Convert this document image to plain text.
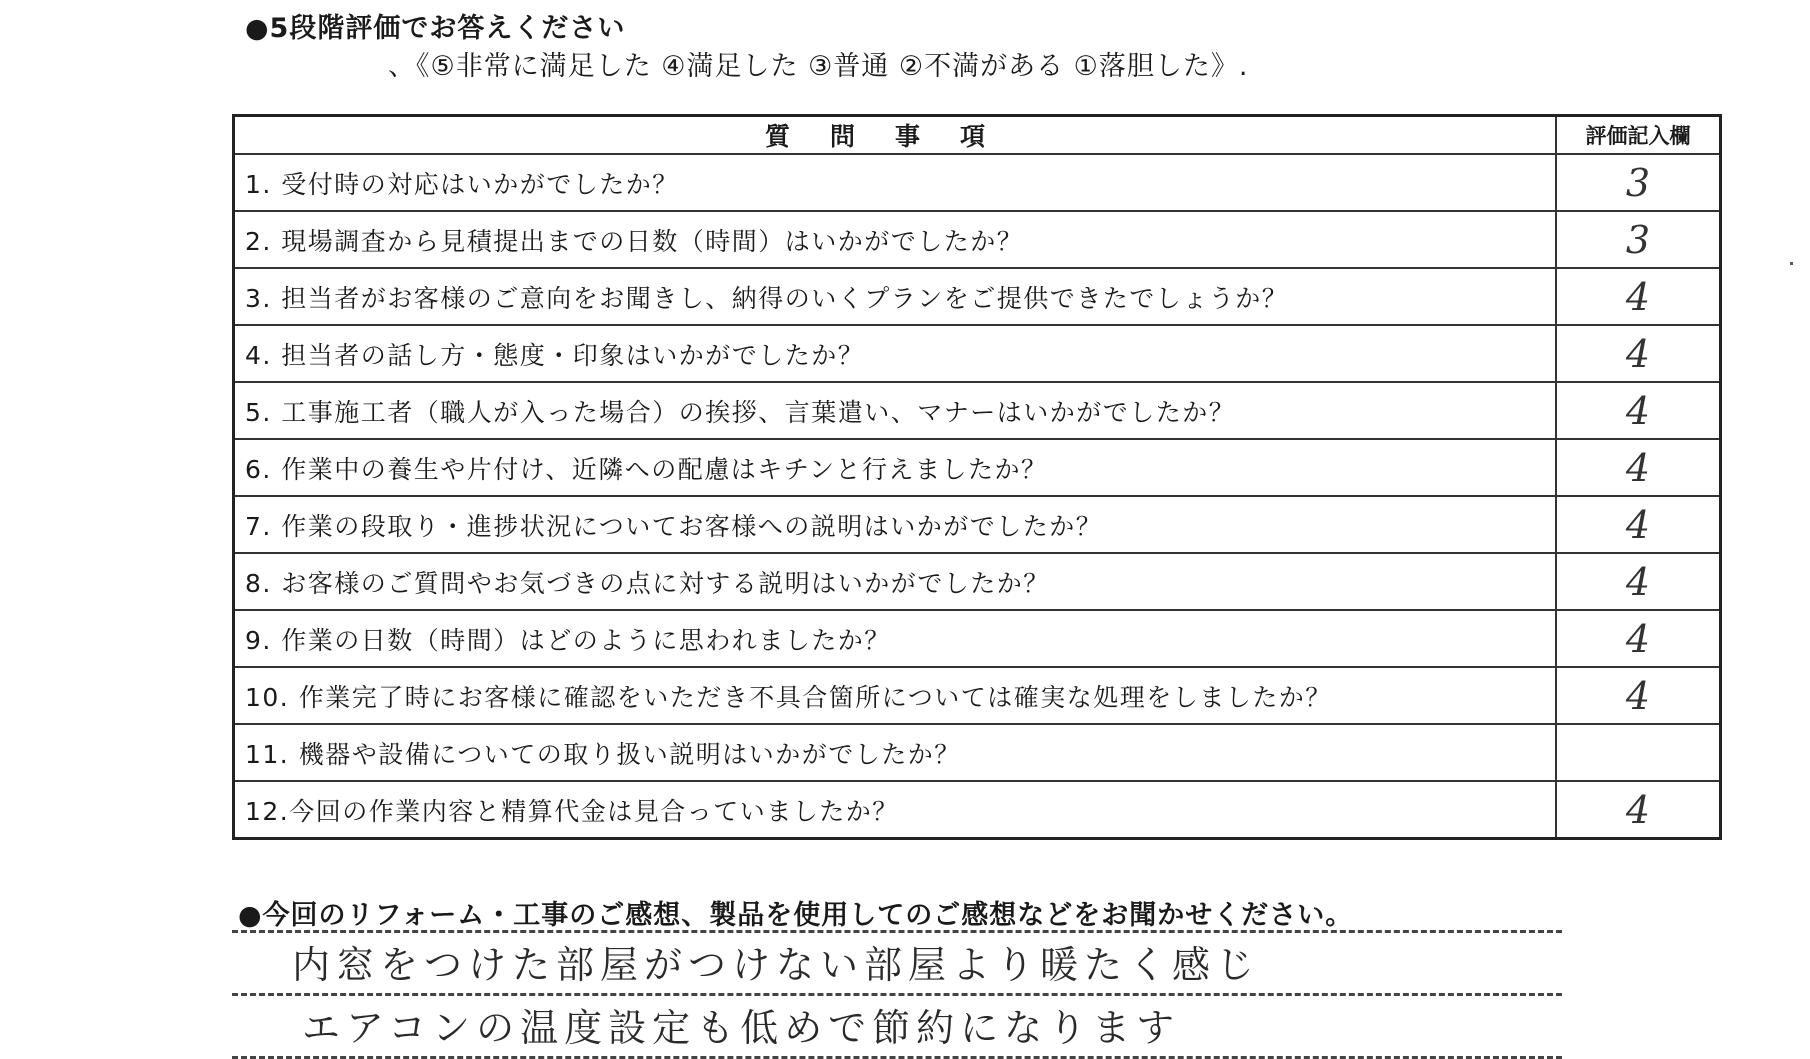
●5段階評価でお答えください
、《⑤非常に満足した ④満足した ③普通 ②不満がある ①落胆した》.
質問事項	評価記入欄
1. 受付時の対応はいかがでしたか？	3
2. 現場調査から見積提出までの日数（時間）はいかがでしたか？	3
3. 担当者がお客様のご意向をお聞きし、納得のいくプランをご提供できたでしょうか？	4
4. 担当者の話し方・態度・印象はいかがでしたか？	4
5. 工事施工者（職人が入った場合）の挨拶、言葉遣い、マナーはいかがでしたか？	4
6. 作業中の養生や片付け、近隣への配慮はキチンと行えましたか？	4
7. 作業の段取り・進捗状況についてお客様への説明はいかがでしたか？	4
8. お客様のご質問やお気づきの点に対する説明はいかがでしたか？	4
9. 作業の日数（時間）はどのように思われましたか？	4
10. 作業完了時にお客様に確認をいただき不具合箇所については確実な処理をしましたか？	4
11. 機器や設備についての取り扱い説明はいかがでしたか？	
12.今回の作業内容と精算代金は見合っていましたか？	4
●今回のリフォーム・工事のご感想、製品を使用してのご感想などをお聞かせください。
内窓をつけた部屋がつけない部屋より暖たく感じ
エアコンの温度設定も低めで節約になります
